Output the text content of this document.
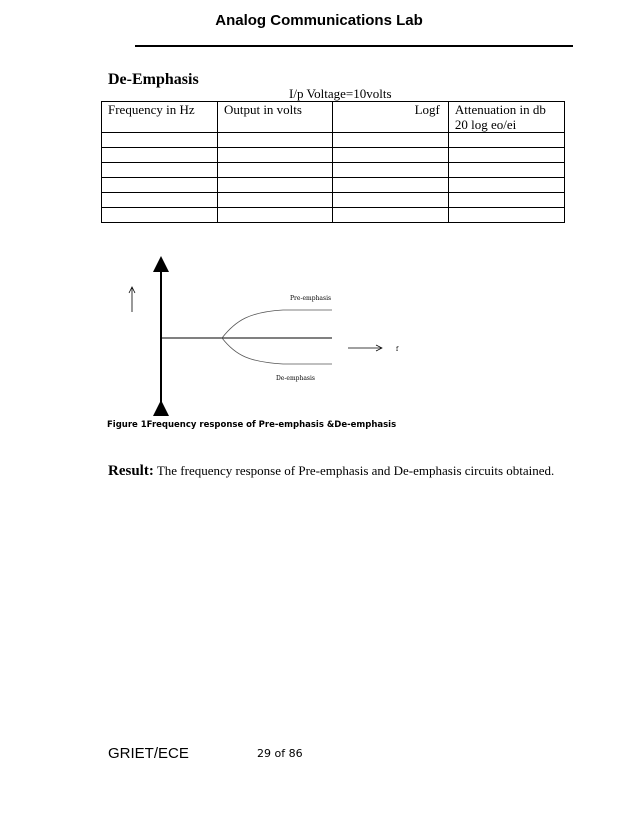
Analog Communications Lab
De-Emphasis
I/p Voltage=10volts
Frequency in Hz	Output in volts	Logf	Attenuation in db
20 log eo/ei

f
Pre-emphasis
De-emphasis
Figure 1Frequency response of Pre-emphasis &De-emphasis
Result: The frequency response of Pre-emphasis and De-emphasis circuits obtained.
GRIET/ECE	29 of 86
